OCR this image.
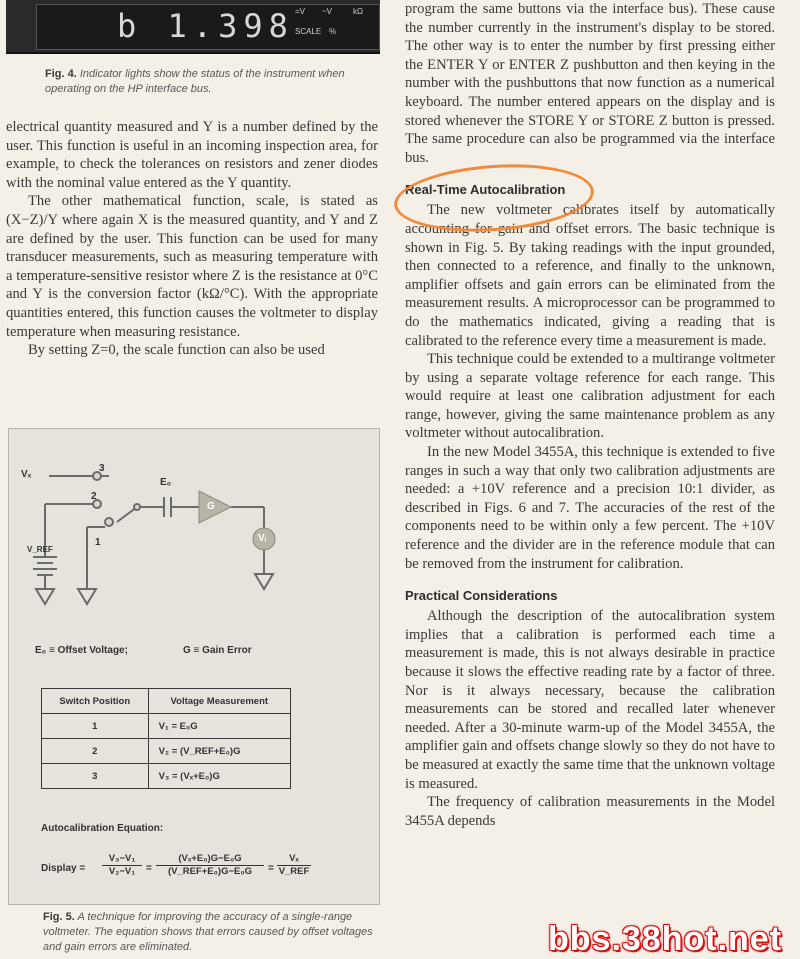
b 1.398 =V ~V	kΩ
SCALE %
Fig. 4. Indicator lights show the status of the instrument when operating on the HP interface bus.

electrical quantity measured and Y is a number defined by the user. This function is useful in an incoming inspection area, for example, to check the tolerances on resistors and zener diodes with the nominal value entered as the Y quantity.

The other mathematical function, scale, is stated as (X−Z)/Y where again X is the measured quantity, and Y and Z are defined by the user. This function can be used for many transducer measurements, such as measuring temperature with a temperature-sensitive resistor where Z is the resistance at 0°C and Y is the conversion factor (kΩ/°C). With the appropriate quantities entered, this function causes the voltmeter to display temperature when measuring resistance.

By setting Z=0, the scale function can also be used

Vₓ
V_REF
E₀
G
Vᵢ
1
2
3
E₀ ≡ Offset Voltage;	G ≡ Gain Error
Switch Position	Voltage Measurement
1	V₁ = E₀G
2	V₂ = (V_REF+E₀)G
3	V₃ = (Vₓ+E₀)G
Autocalibration Equation:
Display = $\frac{\text{V₃−V₁}}{\text{V₂−V₁}}$ =
(Vₓ+E₀)G−E₀G
(V_REF+E₀)G−E₀G	=
Vₓ
V_REF
Fig. 5. A technique for improving the accuracy of a single-range voltmeter. The equation shows that errors caused by offset voltages and gain errors are eliminated.

program the same buttons via the interface bus). These cause the number currently in the instrument's display to be stored. The other way is to enter the number by first pressing either the ENTER Y or ENTER Z pushbutton and then keying in the number with the pushbuttons that now function as a numerical keyboard. The number entered appears on the display and is stored whenever the STORE Y or STORE Z button is pressed. The same procedure can also be programmed via the interface bus.

Real-Time Autocalibration

The new voltmeter calibrates itself by automatically accounting for gain and offset errors. The basic technique is shown in Fig. 5. By taking readings with the input grounded, then connected to a reference, and finally to the unknown, amplifier offsets and gain errors can be eliminated from the measurement results. A microprocessor can be programmed to do the mathematics indicated, giving a reading that is calibrated to the reference every time a measurement is made.

This technique could be extended to a multirange voltmeter by using a separate voltage reference for each range. This would require at least one calibration adjustment for each range, however, giving the same maintenance problem as any voltmeter without autocalibration.

In the new Model 3455A, this technique is extended to five ranges in such a way that only two calibration adjustments are needed: a +10V reference and a precision 10:1 divider, as described in Figs. 6 and 7. The accuracies of the rest of the components need to be within only a few percent. The +10V reference and the divider are in the reference module that can be removed from the instrument for calibration.

Practical Considerations

Although the description of the autocalibration system implies that a calibration is performed each time a measurement is made, this is not always desirable in practice because it slows the effective reading rate by a factor of three. Nor is it always necessary, because the calibration measurements can be stored and recalled later whenever needed. After a 30-minute warm-up of the Model 3455A, the amplifier gain and offsets change slowly so they do not have to be measured at exactly the same time that the unknown voltage is measured.

The frequency of calibration measurements in the Model 3455A depends

bbs.38hot.net
